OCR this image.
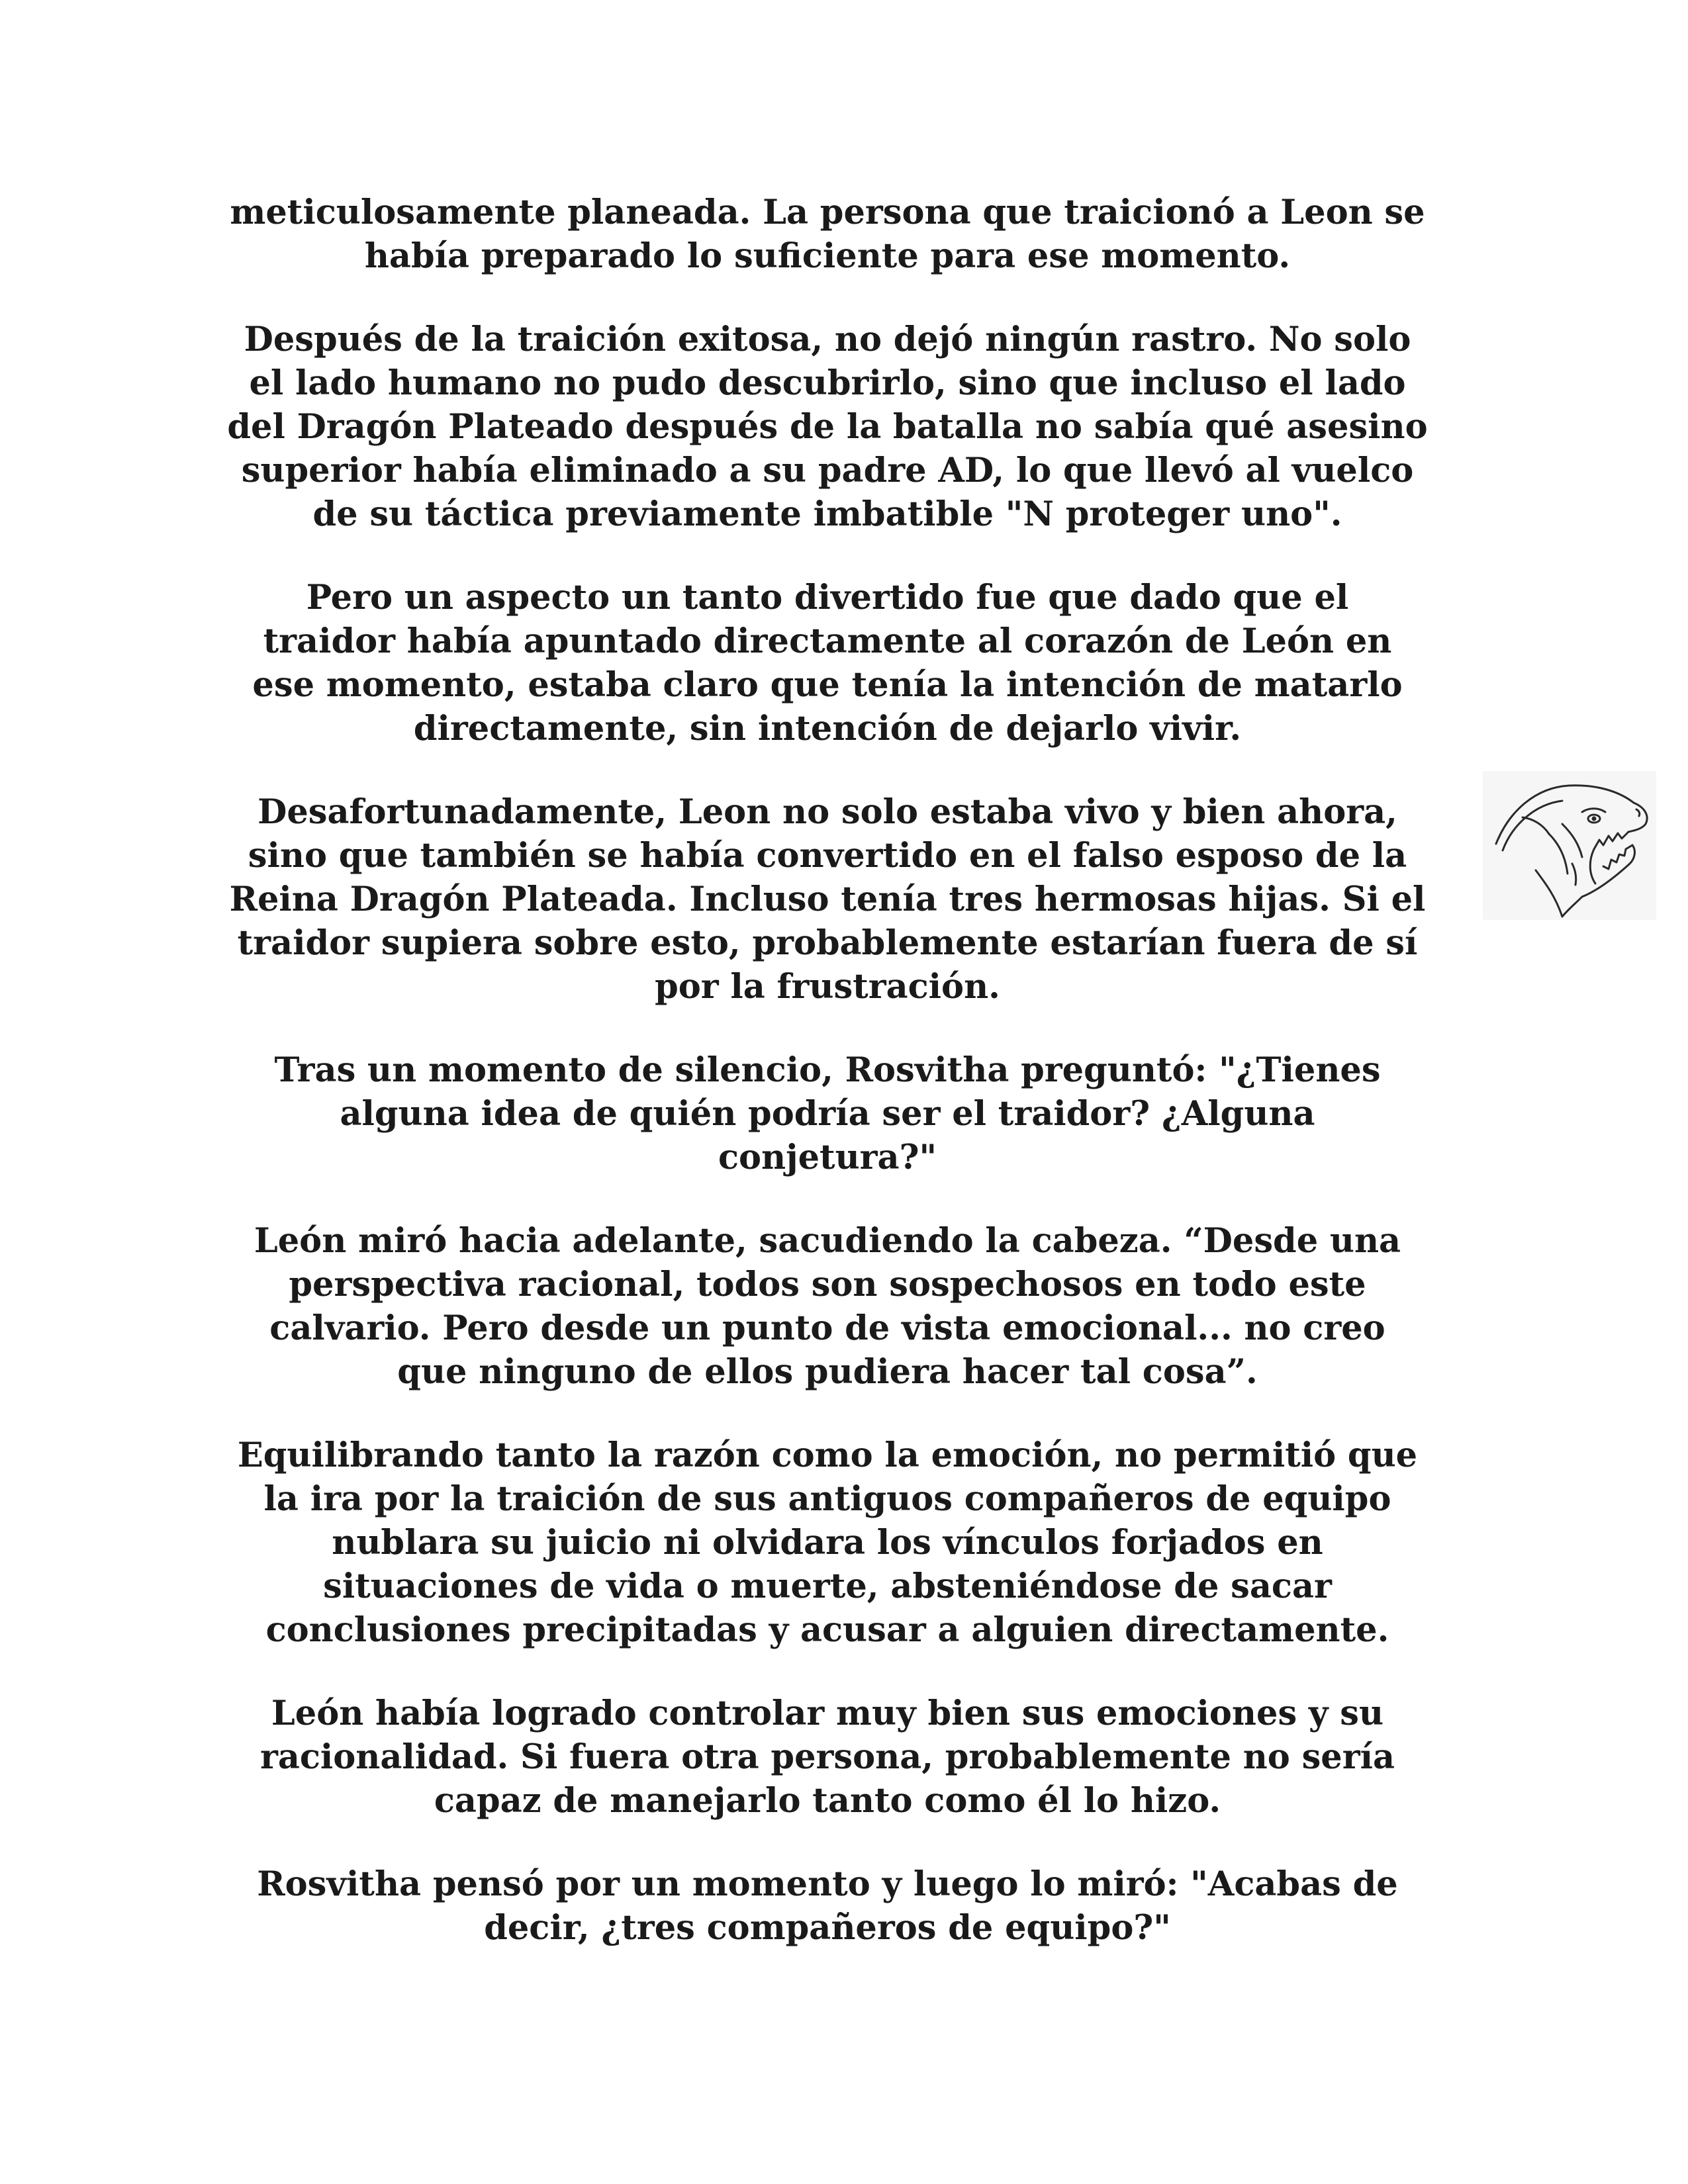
meticulosamente planeada. La persona que traicionó a Leon se
había preparado lo suficiente para ese momento.

Después de la traición exitosa, no dejó ningún rastro. No solo
el lado humano no pudo descubrirlo, sino que incluso el lado
del Dragón Plateado después de la batalla no sabía qué asesino
superior había eliminado a su padre AD, lo que llevó al vuelco
de su táctica previamente imbatible "N proteger uno".

Pero un aspecto un tanto divertido fue que dado que el
traidor había apuntado directamente al corazón de León en
ese momento, estaba claro que tenía la intención de matarlo
directamente, sin intención de dejarlo vivir.

Desafortunadamente, Leon no solo estaba vivo y bien ahora,
sino que también se había convertido en el falso esposo de la
Reina Dragón Plateada. Incluso tenía tres hermosas hijas. Si el
traidor supiera sobre esto, probablemente estarían fuera de sí
por la frustración.

Tras un momento de silencio, Rosvitha preguntó: "¿Tienes
alguna idea de quién podría ser el traidor? ¿Alguna
conjetura?"

León miró hacia adelante, sacudiendo la cabeza. “Desde una
perspectiva racional, todos son sospechosos en todo este
calvario. Pero desde un punto de vista emocional... no creo
que ninguno de ellos pudiera hacer tal cosa”.

Equilibrando tanto la razón como la emoción, no permitió que
la ira por la traición de sus antiguos compañeros de equipo
nublara su juicio ni olvidara los vínculos forjados en
situaciones de vida o muerte, absteniéndose de sacar
conclusiones precipitadas y acusar a alguien directamente.

León había logrado controlar muy bien sus emociones y su
racionalidad. Si fuera otra persona, probablemente no sería
capaz de manejarlo tanto como él lo hizo.

Rosvitha pensó por un momento y luego lo miró: "Acabas de
decir, ¿tres compañeros de equipo?"
